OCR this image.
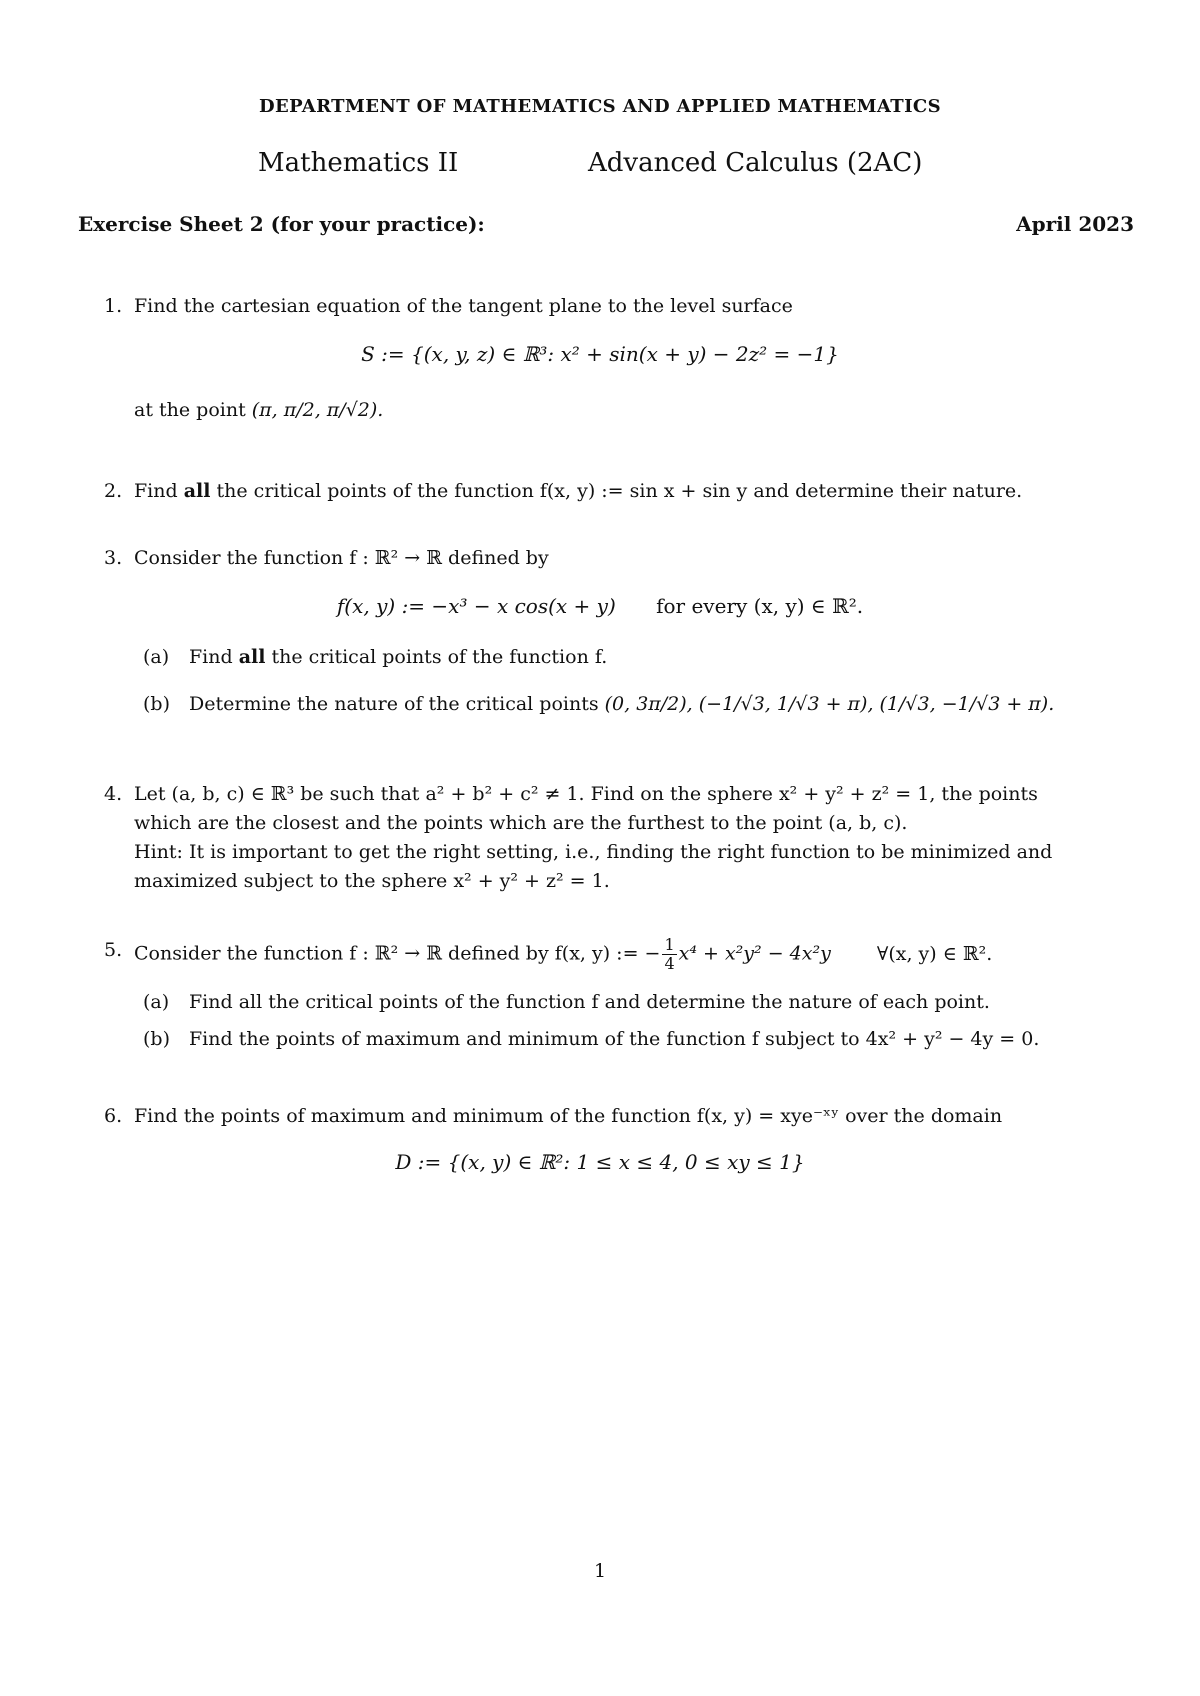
DEPARTMENT OF MATHEMATICS AND APPLIED MATHEMATICS
Mathematics II	Advanced Calculus (2AC)
Exercise Sheet 2 (for your practice):	April 2023
1. Find the cartesian equation of the tangent plane to the level surface
S := {(x, y, z) ∈ ℝ³: x² + sin(x + y) − 2z² = −1}
at the point (π, π/2, π/√2).
2. Find all the critical points of the function f(x, y) := sin x + sin y and determine their nature.
3. Consider the function f : ℝ² → ℝ defined by
f(x, y) := −x³ − x cos(x + y) for every (x, y) ∈ ℝ².
(a) Find all the critical points of the function f.
(b) Determine the nature of the critical points (0, 3π/2), (−1/√3, 1/√3 + π), (1/√3, −1/√3 + π).
4. Let (a, b, c) ∈ ℝ³ be such that a² + b² + c² ≠ 1. Find on the sphere x² + y² + z² = 1, the points
which are the closest and the points which are the furthest to the point (a, b, c).
Hint: It is important to get the right setting, i.e., finding the right function to be minimized and
maximized subject to the sphere x² + y² + z² = 1.
5. Consider the function f : ℝ² → ℝ defined by f(x, y) := − $\frac{1}{4} x^4 + x^2y^2 - 4x^2y$ ∀(x, y) ∈ ℝ².
(a) Find all the critical points of the function f and determine the nature of each point.
(b) Find the points of maximum and minimum of the function f subject to 4x² + y² − 4y = 0.
6. Find the points of maximum and minimum of the function f(x, y) = xye⁻ˣʸ over the domain
D := {(x, y) ∈ ℝ²: 1 ≤ x ≤ 4, 0 ≤ xy ≤ 1}
1
